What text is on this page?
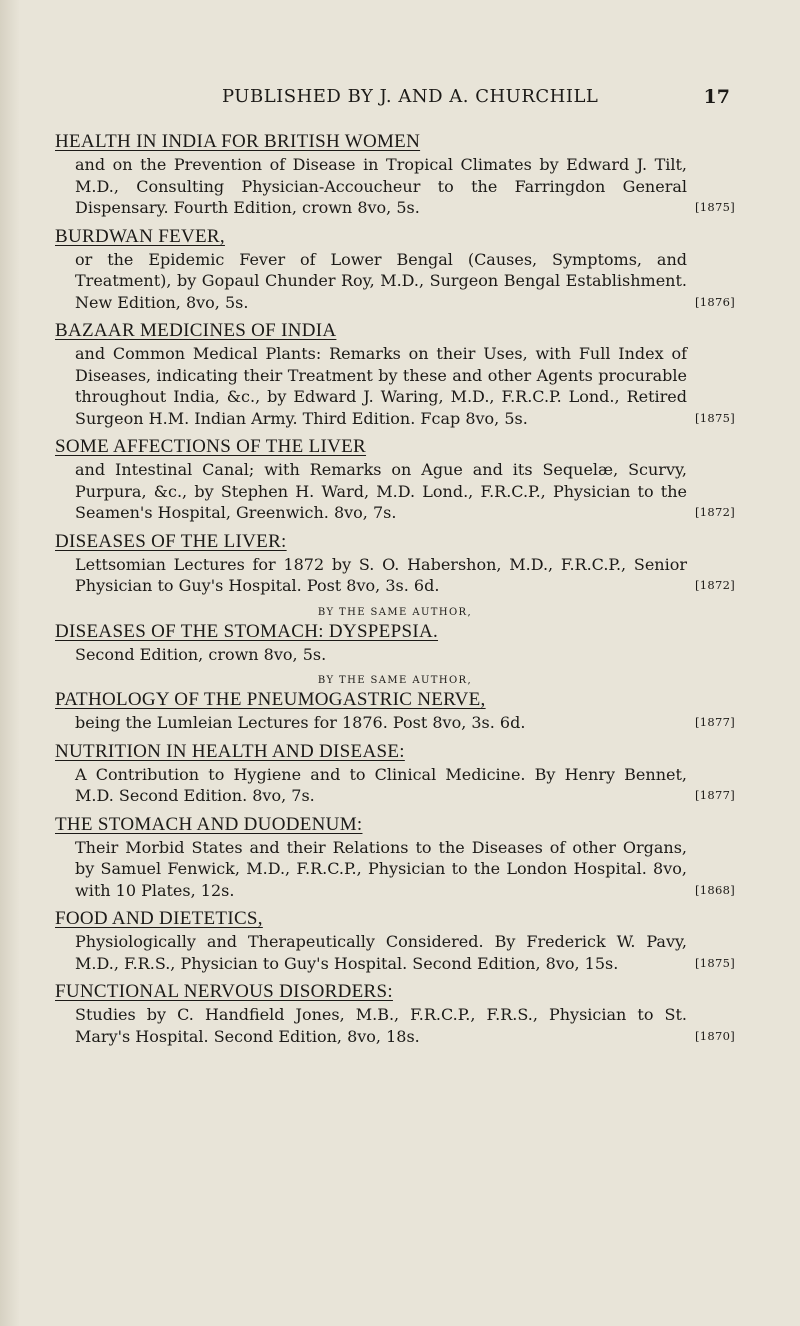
PUBLISHED BY J. AND A. CHURCHILL	17
HEALTH IN INDIA FOR BRITISH WOMEN
and on the Prevention of Disease in Tropical Climates by Edward J. Tilt, M.D., Consulting Physician-Accoucheur to the Farringdon General Dispensary. Fourth Edition, crown 8vo, 5s.	[1875]
BURDWAN FEVER,
or the Epidemic Fever of Lower Bengal (Causes, Symptoms, and Treatment), by Gopaul Chunder Roy, M.D., Surgeon Bengal Establishment. New Edition, 8vo, 5s.	[1876]
BAZAAR MEDICINES OF INDIA
and Common Medical Plants: Remarks on their Uses, with Full Index of Diseases, indicating their Treatment by these and other Agents procurable throughout India, &c., by Edward J. Waring, M.D., F.R.C.P. Lond., Retired Surgeon H.M. Indian Army. Third Edition. Fcap 8vo, 5s.	[1875]
SOME AFFECTIONS OF THE LIVER
and Intestinal Canal; with Remarks on Ague and its Sequelæ, Scurvy, Purpura, &c., by Stephen H. Ward, M.D. Lond., F.R.C.P., Physician to the Seamen's Hospital, Greenwich. 8vo, 7s.	[1872]
DISEASES OF THE LIVER:
Lettsomian Lectures for 1872 by S. O. Habershon, M.D., F.R.C.P., Senior Physician to Guy's Hospital. Post 8vo, 3s. 6d.	[1872]
BY THE SAME AUTHOR,
DISEASES OF THE STOMACH: DYSPEPSIA.
Second Edition, crown 8vo, 5s.
BY THE SAME AUTHOR,
PATHOLOGY OF THE PNEUMOGASTRIC NERVE,
being the Lumleian Lectures for 1876. Post 8vo, 3s. 6d.	[1877]
NUTRITION IN HEALTH AND DISEASE:
A Contribution to Hygiene and to Clinical Medicine. By Henry Bennet, M.D. Second Edition. 8vo, 7s.	[1877]
THE STOMACH AND DUODENUM:
Their Morbid States and their Relations to the Diseases of other Organs, by Samuel Fenwick, M.D., F.R.C.P., Physician to the London Hospital. 8vo, with 10 Plates, 12s.	[1868]
FOOD AND DIETETICS,
Physiologically and Therapeutically Considered. By Frederick W. Pavy, M.D., F.R.S., Physician to Guy's Hospital. Second Edition, 8vo, 15s.	[1875]
FUNCTIONAL NERVOUS DISORDERS:
Studies by C. Handfield Jones, M.B., F.R.C.P., F.R.S., Physician to St. Mary's Hospital. Second Edition, 8vo, 18s.	[1870]
